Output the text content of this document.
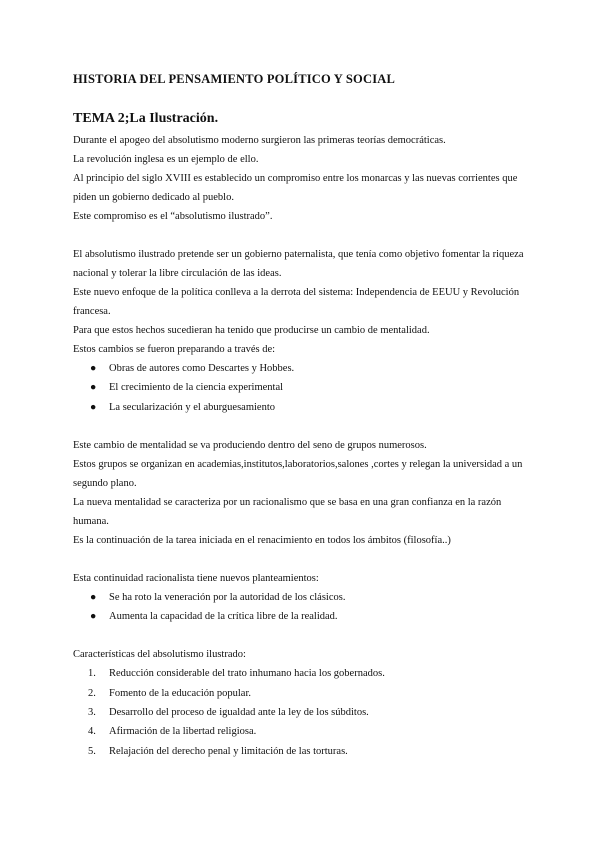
HISTORIA DEL PENSAMIENTO POLÍTICO Y SOCIAL
TEMA 2;La Ilustración.

Durante el apogeo del absolutismo moderno surgieron las primeras teorías democráticas.

La revolución inglesa es un ejemplo de ello.

Al principio del siglo XVIII es establecido un compromiso entre los monarcas y las nuevas corrientes que piden un gobierno dedicado al pueblo.

Este compromiso es el “absolutismo ilustrado”.

El absolutismo ilustrado pretende ser un gobierno paternalista, que tenía como objetivo fomentar la riqueza nacional y tolerar la libre circulación de las ideas.

Este nuevo enfoque de la política conlleva a la derrota del sistema: Independencia de EEUU y Revolución francesa.

Para que estos hechos sucedieran ha tenido que producirse un cambio de mentalidad.

Estos cambios se fueron preparando a través de:

● Obras de autores como Descartes y Hobbes.
● El crecimiento de la ciencia experimental
● La secularización y el aburguesamiento

Este cambio de mentalidad se va produciendo dentro del seno de grupos numerosos.

Estos grupos se organizan en academias,institutos,laboratorios,salones ,cortes y relegan la universidad a un segundo plano.

La nueva mentalidad se caracteriza por un racionalismo que se basa en una gran confianza en la razón humana.

Es la continuación de la tarea iniciada en el renacimiento en todos los ámbitos (filosofía..)

Esta continuidad racionalista tiene nuevos planteamientos:

● Se ha roto la veneración por la autoridad de los clásicos.
● Aumenta la capacidad de la crítica libre de la realidad.

Características del absolutismo ilustrado:

1. Reducción considerable del trato inhumano hacia los gobernados.
2. Fomento de la educación popular.
3. Desarrollo del proceso de igualdad ante la ley de los súbditos.
4. Afirmación de la libertad religiosa.
5. Relajación del derecho penal y limitación de las torturas.
